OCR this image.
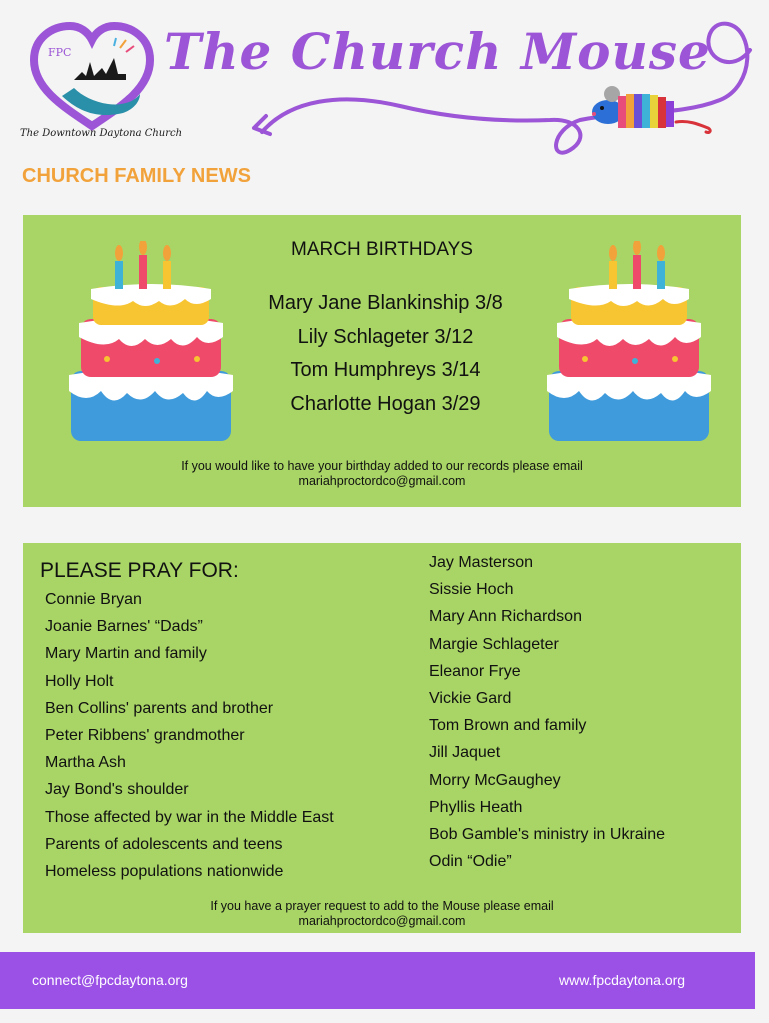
FPC
The Downtown Daytona Church
The Church Mouse
CHURCH FAMILY NEWS
MARCH BIRTHDAYS
Mary Jane Blankinship 3/8
Lily Schlageter 3/12
Tom Humphreys 3/14
Charlotte Hogan 3/29
If you would like to have your birthday added to our records please email
mariahproctordco@gmail.com
PLEASE PRAY FOR:
Connie Bryan
Joanie Barnes' “Dads”
Mary Martin and family
Holly Holt
Ben Collins' parents and brother
Peter Ribbens' grandmother
Martha Ash
Jay Bond's shoulder
Those affected by war in the Middle East
Parents of adolescents and teens
Homeless populations nationwide
Jay Masterson
Sissie Hoch
Mary Ann Richardson
Margie Schlageter
Eleanor Frye
Vickie Gard
Tom Brown and family
Jill Jaquet
Morry McGaughey
Phyllis Heath
Bob Gamble's ministry in Ukraine
Odin “Odie”
If you have a prayer request to add to the Mouse please email
mariahproctordco@gmail.com
connect@fpcdaytona.org	www.fpcdaytona.org
